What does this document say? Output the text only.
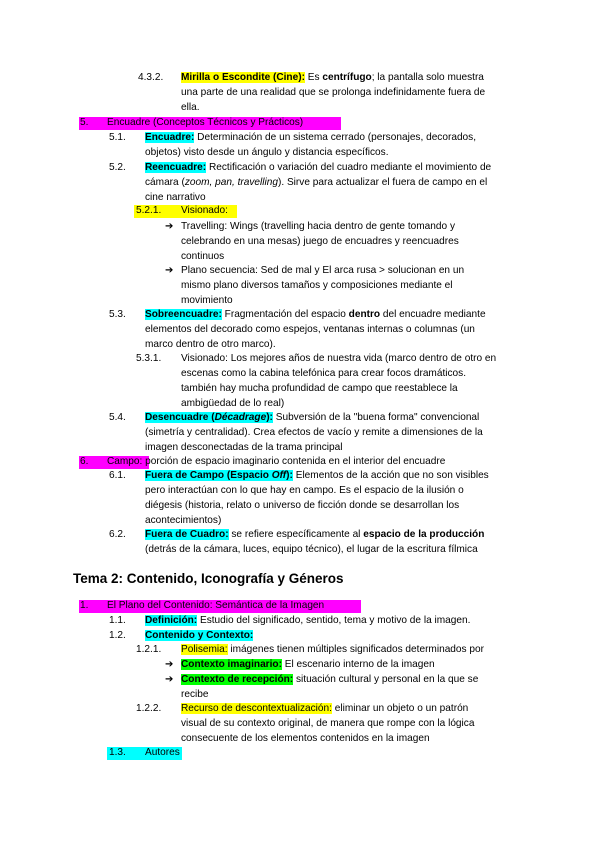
4.3.2. Mirilla o Escondite (Cine): Es centrífugo; la pantalla solo muestra
una parte de una realidad que se prolonga indefinidamente fuera de
ella.
5. Encuadre (Conceptos Técnicos y Prácticos)
5.1. Encuadre: Determinación de un sistema cerrado (personajes, decorados,
objetos) visto desde un ángulo y distancia específicos.
5.2. Reencuadre: Rectificación o variación del cuadro mediante el movimiento de
cámara (zoom, pan, travelling). Sirve para actualizar el fuera de campo en el
cine narrativo
5.2.1. Visionado:
➔ Travelling: Wings (travelling hacia dentro de gente tomando y
celebrando en una mesas) juego de encuadres y reencuadres
continuos
➔ Plano secuencia: Sed de mal y El arca rusa > solucionan en un
mismo plano diversos tamaños y composiciones mediante el
movimiento
5.3. Sobreencuadre: Fragmentación del espacio dentro del encuadre mediante
elementos del decorado como espejos, ventanas internas o columnas (un
marco dentro de otro marco).
5.3.1. Visionado: Los mejores años de nuestra vida (marco dentro de otro en
escenas como la cabina telefónica para crear focos dramáticos.
también hay mucha profundidad de campo que reestablece la
ambigüedad de lo real)
5.4. Desencuadre (Décadrage): Subversión de la "buena forma" convencional
(simetría y centralidad). Crea efectos de vacío y remite a dimensiones de la
imagen desconectadas de la trama principal
6. Campo: porción de espacio imaginario contenida en el interior del encuadre
6.1. Fuera de Campo (Espacio Off): Elementos de la acción que no son visibles
pero interactúan con lo que hay en campo. Es el espacio de la ilusión o
diégesis (historia, relato o universo de ficción donde se desarrollan los
acontecimientos)
6.2. Fuera de Cuadro: se refiere específicamente al espacio de la producción
(detrás de la cámara, luces, equipo técnico), el lugar de la escritura fílmica
Tema 2: Contenido, Iconografía y Géneros
1. El Plano del Contenido: Semántica de la Imagen
1.1. Definición: Estudio del significado, sentido, tema y motivo de la imagen.
1.2. Contenido y Contexto:
1.2.1. Polisemia: imágenes tienen múltiples significados determinados por
➔ Contexto imaginario: El escenario interno de la imagen
➔ Contexto de recepción: situación cultural y personal en la que se
recibe
1.2.2. Recurso de descontextualización: eliminar un objeto o un patrón
visual de su contexto original, de manera que rompe con la lógica
consecuente de los elementos contenidos en la imagen
1.3. Autores
